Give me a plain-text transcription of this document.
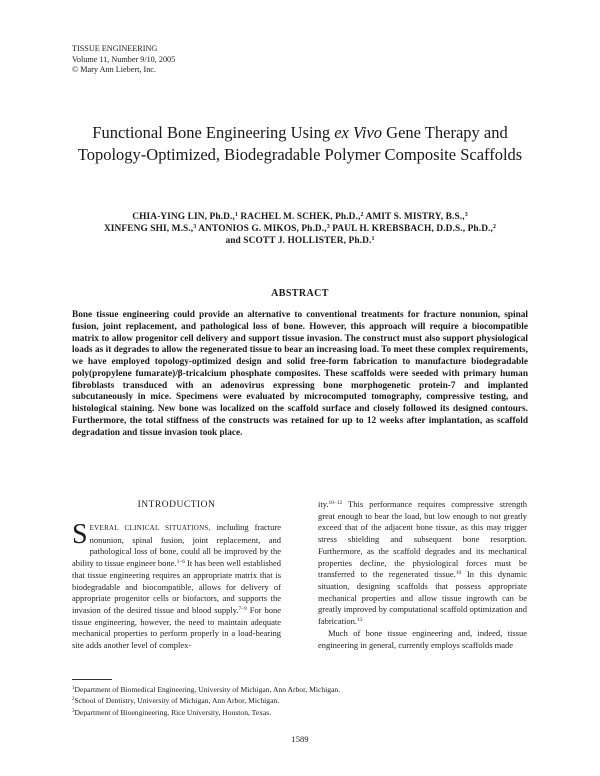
TISSUE ENGINEERING
Volume 11, Number 9/10, 2005
© Mary Ann Liebert, Inc.
Functional Bone Engineering Using ex Vivo Gene Therapy and Topology-Optimized, Biodegradable Polymer Composite Scaffolds
CHIA-YING LIN, Ph.D.,$^1$ RACHEL M. SCHEK, Ph.D.,$^2$ AMIT S. MISTRY, B.S.,$^3$
XINFENG SHI, M.S.,$^3$ ANTONIOS G. MIKOS, Ph.D.,$^3$ PAUL H. KREBSBACH, D.D.S., Ph.D.,$^2$
and SCOTT J. HOLLISTER, Ph.D.$^1$
ABSTRACT
Bone tissue engineering could provide an alternative to conventional treatments for fracture nonunion, spinal fusion, joint replacement, and pathological loss of bone. However, this approach will require a biocompatible matrix to allow progenitor cell delivery and support tissue invasion. The construct must also support physiological loads as it degrades to allow the regenerated tissue to bear an increasing load. To meet these complex requirements, we have employed topology-optimized design and solid free-form fabrication to manufacture biodegradable poly(propylene fumarate)/β-tricalcium phosphate composites. These scaffolds were seeded with primary human fibroblasts transduced with an adenovirus expressing bone morphogenetic protein-7 and implanted subcutaneously in mice. Specimens were evaluated by microcomputed tomography, compressive testing, and histological staining. New bone was localized on the scaffold surface and closely followed its designed contours. Furthermore, the total stiffness of the constructs was retained for up to 12 weeks after implantation, as scaffold degradation and tissue invasion took place.
INTRODUCTION
SEVERAL CLINICAL SITUATIONS, including fracture nonunion, spinal fusion, joint replacement, and pathological loss of bone, could all be improved by the ability to tissue engineer bone.$^{1-6}$ It has been well established that tissue engineering requires an appropriate matrix that is biodegradable and biocompatible, allows for delivery of appropriate progenitor cells or biofactors, and supports the invasion of the desired tissue and blood supply.$^{7-9}$ For bone tissue engineering, however, the need to maintain adequate mechanical properties to perform properly in a load-bearing site adds another level of complex-
ity.$^{10-12}$ This performance requires compressive strength great enough to bear the load, but low enough to not greatly exceed that of the adjacent bone tissue, as this may trigger stress shielding and subsequent bone resorption. Furthermore, as the scaffold degrades and its mechanical properties decline, the physiological forces must be transferred to the regenerated tissue.$^{10}$ In this dynamic situation, designing scaffolds that possess appropriate mechanical properties and allow tissue ingrowth can be greatly improved by computational scaffold optimization and fabrication.$^{13}$
Much of bone tissue engineering and, indeed, tissue engineering in general, currently employs scaffolds made
$^1$Department of Biomedical Engineering, University of Michigan, Ann Arbor, Michigan.
$^2$School of Dentistry, University of Michigan, Ann Arbor, Michigan.
$^3$Department of Bioengineering, Rice University, Houston, Texas.
1589
